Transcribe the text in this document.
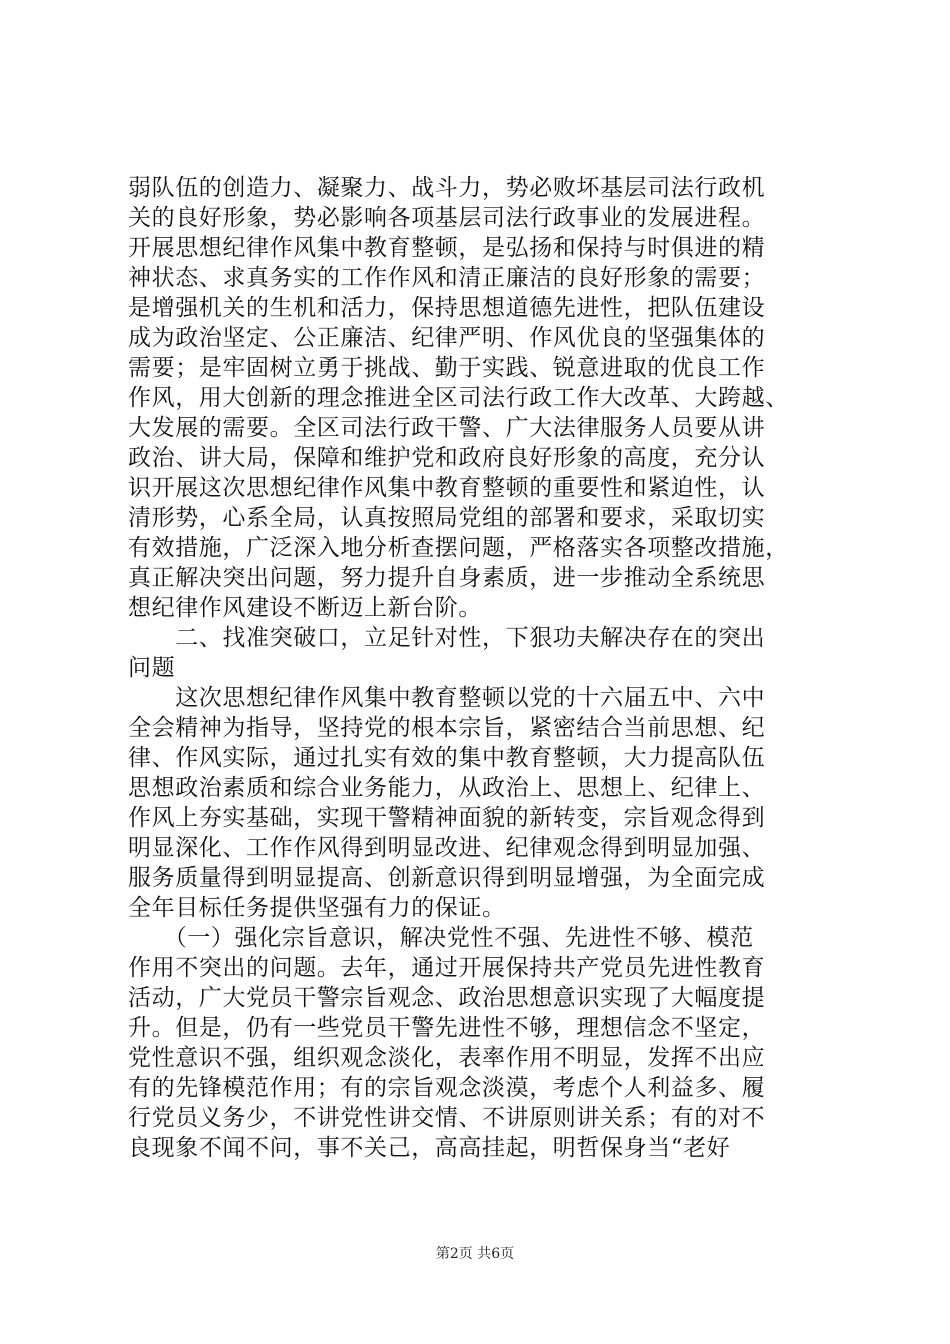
弱队伍的创造力、凝聚力、战斗力，势必败坏基层司法行政机
关的良好形象，势必影响各项基层司法行政事业的发展进程。
开展思想纪律作风集中教育整顿，是弘扬和保持与时俱进的精
神状态、求真务实的工作作风和清正廉洁的良好形象的需要；
是增强机关的生机和活力，保持思想道德先进性，把队伍建设
成为政治坚定、公正廉洁、纪律严明、作风优良的坚强集体的
需要；是牢固树立勇于挑战、勤于实践、锐意进取的优良工作
作风，用大创新的理念推进全区司法行政工作大改革、大跨越、
大发展的需要。全区司法行政干警、广大法律服务人员要从讲
政治、讲大局，保障和维护党和政府良好形象的高度，充分认
识开展这次思想纪律作风集中教育整顿的重要性和紧迫性，认
清形势，心系全局，认真按照局党组的部署和要求，采取切实
有效措施，广泛深入地分析查摆问题，严格落实各项整改措施，
真正解决突出问题，努力提升自身素质，进一步推动全系统思
想纪律作风建设不断迈上新台阶。
　　二、找准突破口，立足针对性，下狠功夫解决存在的突出
问题
　　这次思想纪律作风集中教育整顿以党的十六届五中、六中
全会精神为指导，坚持党的根本宗旨，紧密结合当前思想、纪
律、作风实际，通过扎实有效的集中教育整顿，大力提高队伍
思想政治素质和综合业务能力，从政治上、思想上、纪律上、
作风上夯实基础，实现干警精神面貌的新转变，宗旨观念得到
明显深化、工作作风得到明显改进、纪律观念得到明显加强、
服务质量得到明显提高、创新意识得到明显增强，为全面完成
全年目标任务提供坚强有力的保证。
　　（一）强化宗旨意识，解决党性不强、先进性不够、模范
作用不突出的问题。去年，通过开展保持共产党员先进性教育
活动，广大党员干警宗旨观念、政治思想意识实现了大幅度提
升。但是，仍有一些党员干警先进性不够，理想信念不坚定，
党性意识不强，组织观念淡化，表率作用不明显，发挥不出应
有的先锋模范作用；有的宗旨观念淡漠，考虑个人利益多、履
行党员义务少，不讲党性讲交情、不讲原则讲关系；有的对不
良现象不闻不问，事不关己，高高挂起，明哲保身当“老好
第2页 共6页
